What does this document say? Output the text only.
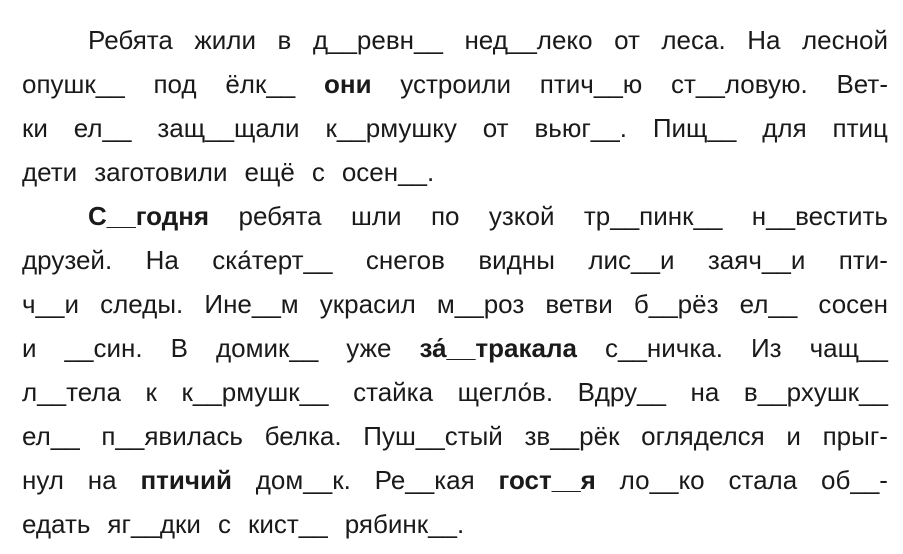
Ребята жили в д__ревн__ нед__леко от леса. На лесной
опушк__ под ёлк__ они устроили птич__ю ст__ловую. Вет-
ки ел__ защ__щали к__рмушку от вьюг__. Пищ__ для птиц
дети заготовили ещё с осен__.
С__годня ребята шли по узкой тр__пинк__ н__вестить
друзей. На ска́терт__ снегов видны лис__и заяч__и пти-
ч__и следы. Ине__м украсил м__роз ветви б__рёз ел__ сосен
и __син. В домик__ уже за́__тракала с__ничка. Из чащ__
л__тела к к__рмушк__ стайка щегло́в. Вдру__ на в__рхушк__
ел__ п__явилась белка. Пуш__стый зв__рёк огляделся и прыг-
нул на птичий дом__к. Ре__кая гост__я ло__ко стала об__-
едать яг__дки с кист__ рябинк__.
